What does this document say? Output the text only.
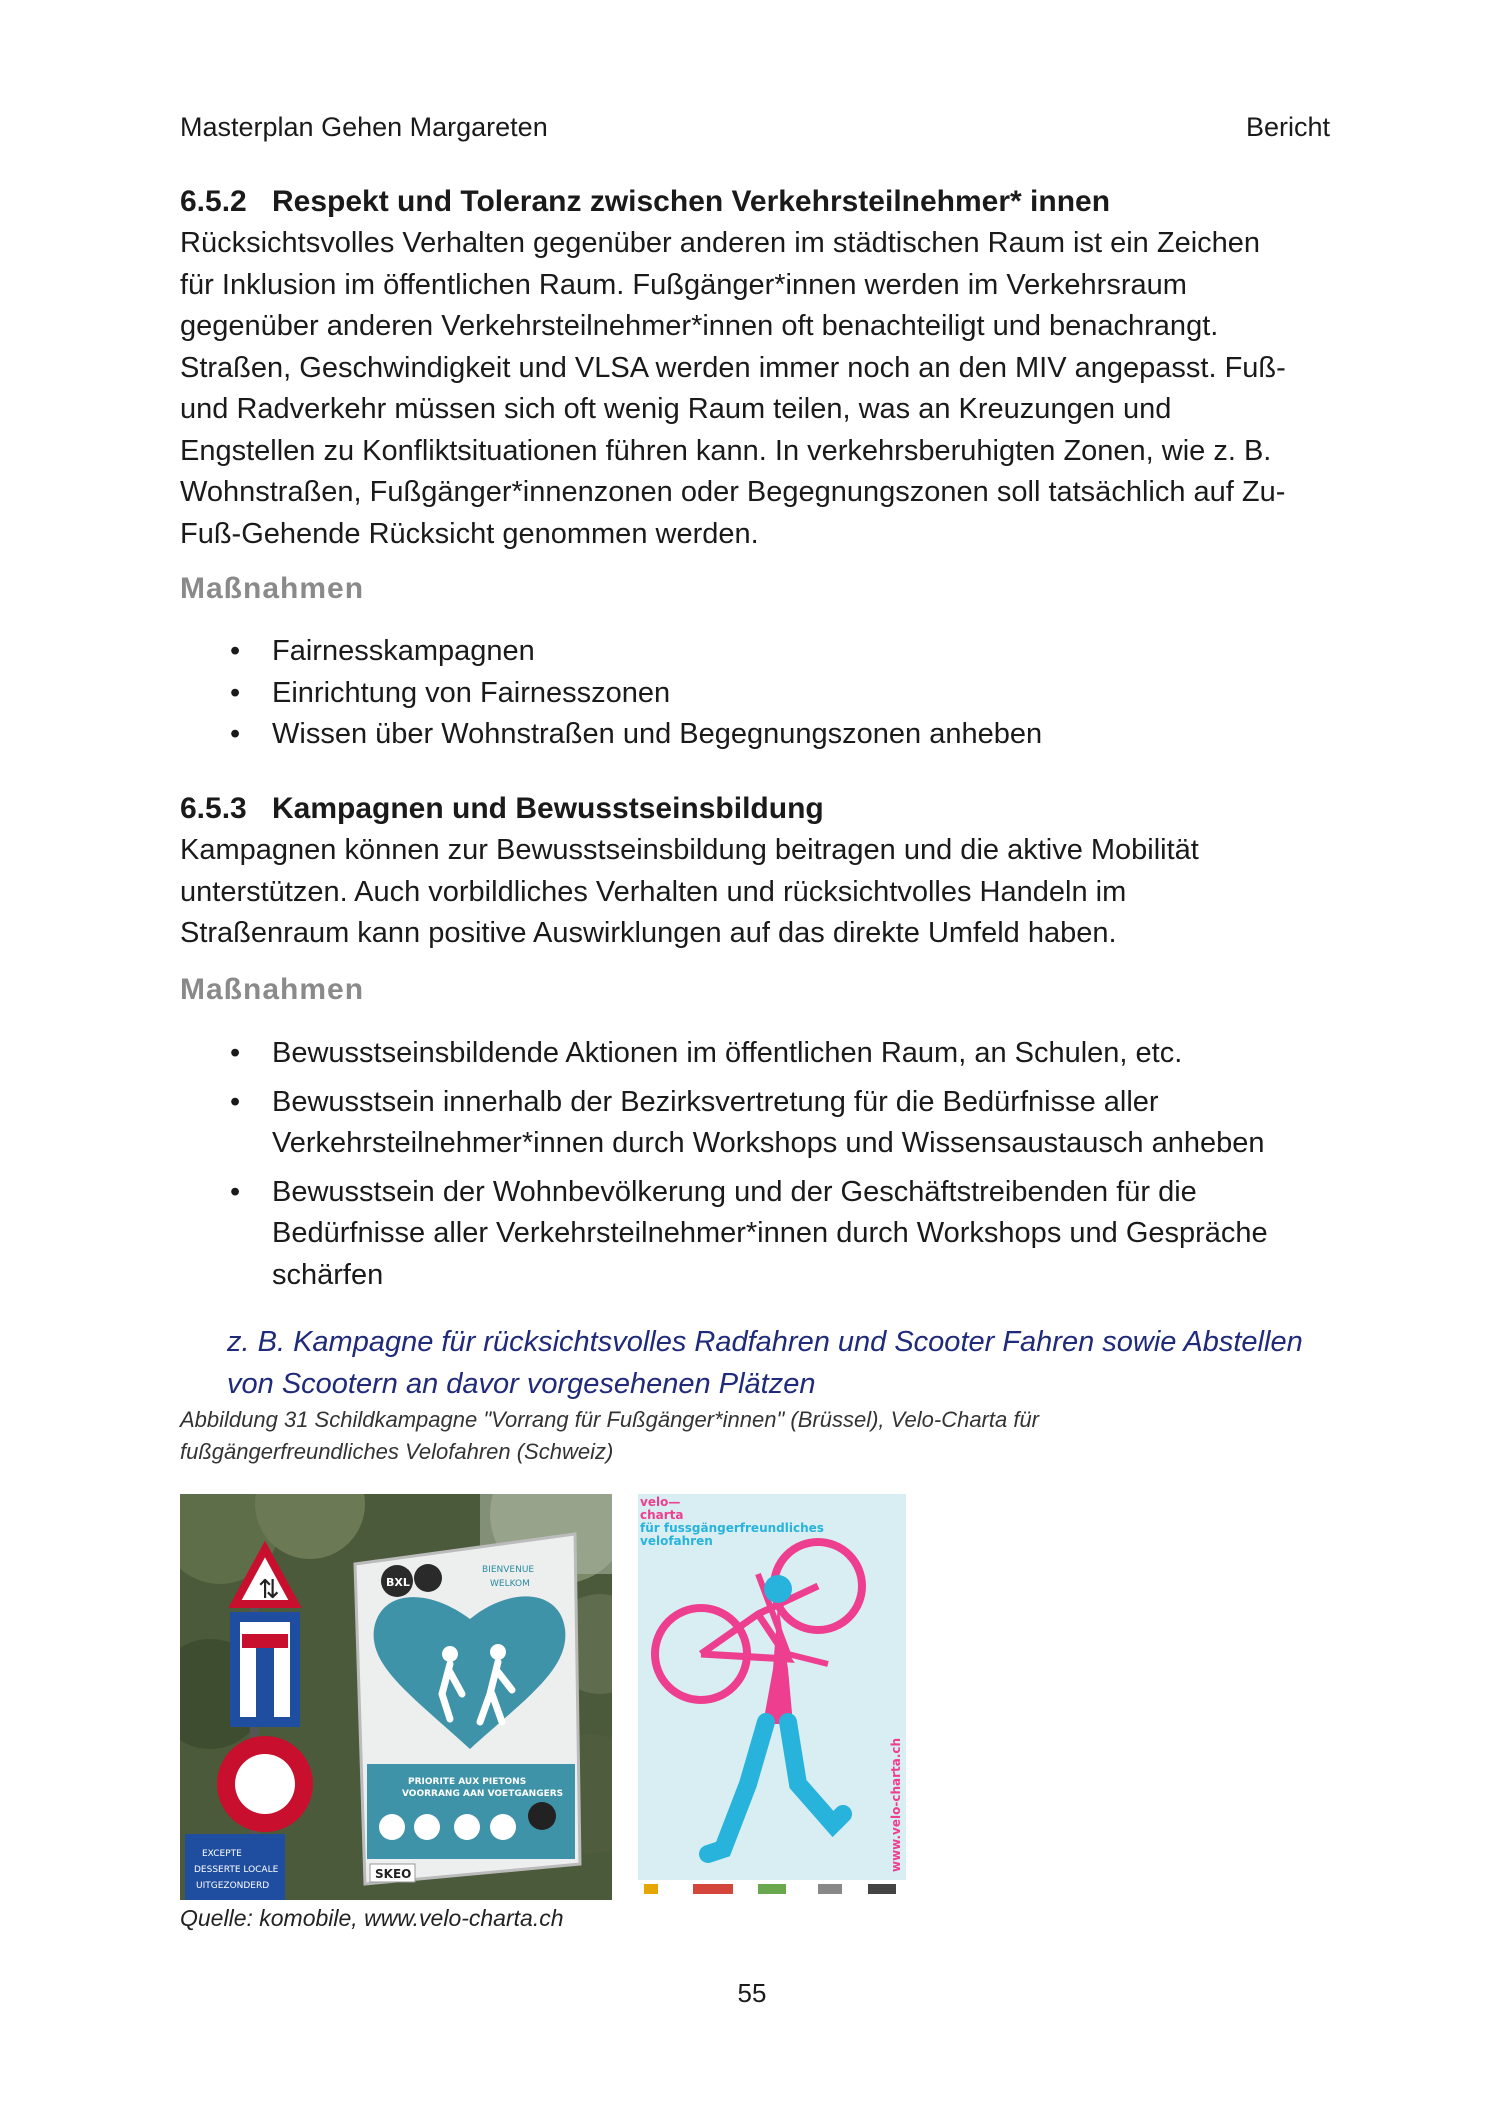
Masterplan Gehen Margareten	Bericht
6.5.2 Respekt und Toleranz zwischen Verkehrsteilnehmer* innen
Rücksichtsvolles Verhalten gegenüber anderen im städtischen Raum ist ein Zeichen
für Inklusion im öffentlichen Raum. Fußgänger*innen werden im Verkehrsraum
gegenüber anderen Verkehrsteilnehmer*innen oft benachteiligt und benachrangt.
Straßen, Geschwindigkeit und VLSA werden immer noch an den MIV angepasst. Fuß-
und Radverkehr müssen sich oft wenig Raum teilen, was an Kreuzungen und
Engstellen zu Konfliktsituationen führen kann. In verkehrsberuhigten Zonen, wie z. B.
Wohnstraßen, Fußgänger*innenzonen oder Begegnungszonen soll tatsächlich auf Zu-
Fuß-Gehende Rücksicht genommen werden.
Maßnahmen
• Fairnesskampagnen
• Einrichtung von Fairnesszonen
• Wissen über Wohnstraßen und Begegnungszonen anheben
6.5.3 Kampagnen und Bewusstseinsbildung
Kampagnen können zur Bewusstseinsbildung beitragen und die aktive Mobilität
unterstützen. Auch vorbildliches Verhalten und rücksichtvolles Handeln im
Straßenraum kann positive Auswirklungen auf das direkte Umfeld haben.
Maßnahmen
• Bewusstseinsbildende Aktionen im öffentlichen Raum, an Schulen, etc.
• Bewusstsein innerhalb der Bezirksvertretung für die Bedürfnisse aller
Verkehrsteilnehmer*innen durch Workshops und Wissensaustausch anheben
• Bewusstsein der Wohnbevölkerung und der Geschäftstreibenden für die
Bedürfnisse aller Verkehrsteilnehmer*innen durch Workshops und Gespräche
schärfen
z. B. Kampagne für rücksichtsvolles Radfahren und Scooter Fahren sowie Abstellen
von Scootern an davor vorgesehenen Plätzen
Abbildung 31 Schildkampagne "Vorrang für Fußgänger*innen" (Brüssel), Velo-Charta für
fußgängerfreundliches Velofahren (Schweiz)
⇅
EXCEPTE
DESSERTE LOCALE
UITGEZONDERD
BXL
BIENVENUE
WELKOM
PRIORITE AUX PIETONS
VOORRANG AAN VOETGANGERS
SKEO
velo—
charta
für fussgängerfreundliches
velofahren
www.velo-charta.ch
Quelle: komobile, www.velo-charta.ch
55
